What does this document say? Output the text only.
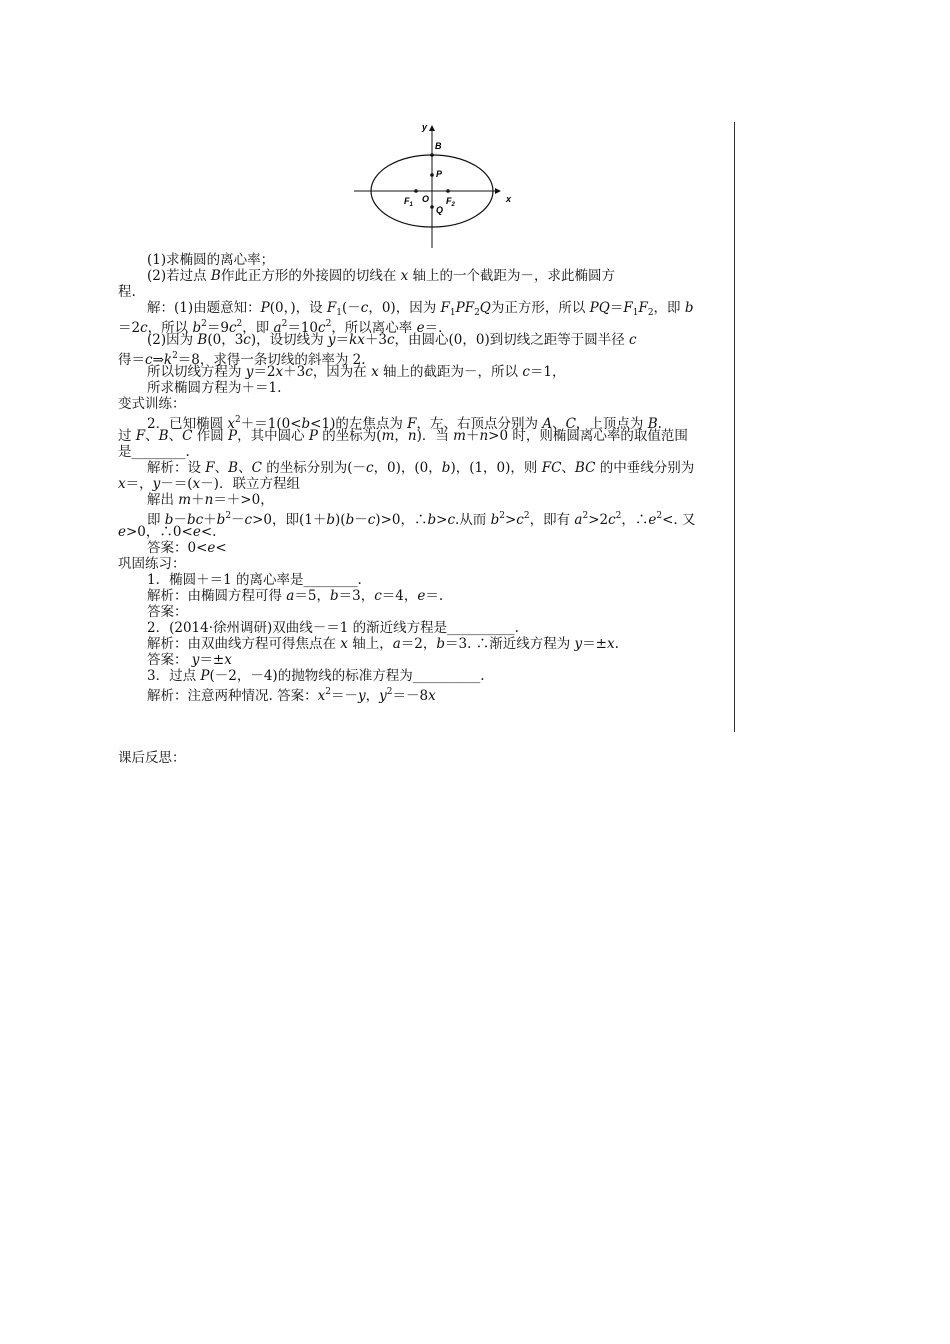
y
x
B
P
O
Q
$F_1$	$F_2$
(1)求椭圆的离心率；
(2)若过点 B作此正方形的外接圆的切线在 x 轴上的一个截距为－，求此椭圆方
程.
解：(1)由题意知：P(0，)，设 $F_1(-c$，0)，因为 $F_1PF_2Q$为正方形，所以 $PQ=F_1F_2$，即 b
＝2c，所以 $b^2=9c^2$，即 $a^2=10c^2$，所以离心率 e＝.
(2)因为 B(0，3c)，设切线为 y＝kx＋3c，由圆心(0，0)到切线之距等于圆半径 c
得$=c\Rightarrow k^2=8$，求得一条切线的斜率为 2.
所以切线方程为 y＝2x＋3c，因为在 x 轴上的截距为－，所以 c＝1，
所求椭圆方程为＋＝1.
变式训练：
2．已知椭圆 $x^2+=1(0<b<1)$的左焦点为 F，左、右顶点分别为 A、C，上顶点为 B.
过 F、B、C 作圆 P，其中圆心 P 的坐标为(m，n)．当 m＋n>0 时，则椭圆离心率的取值范围
是________.
解析：设 F、B、C 的坐标分别为(－c，0)，(0，b)，(1，0)，则 FC、BC 的中垂线分别为
x＝，y－＝(x－)．联立方程组
解出 m＋n＝＋>0，
即 $b-bc+b^2-c>0$，即(1＋b)(b－c)>0，∴b>c.从而 $b^2>c^2$，即有 $a^2>2c^2$，$\therefore e^2<$. 又
e>0，∴0<e<.
答案：0<e<
巩固练习：
1．椭圆＋＝1 的离心率是________.
解析：由椭圆方程可得 a＝5，b＝3，c＝4，e＝.
答案：
2．(2014·徐州调研)双曲线－＝1 的渐近线方程是__________.
解析：由双曲线方程可得焦点在 x 轴上，a＝2，b＝3. ∴渐近线方程为 y＝±x.
答案： y＝±x
3．过点 P(－2，－4)的抛物线的标准方程为__________.
解析：注意两种情况. 答案：$x^2=-y$，$y^2=-8x$
课后反思：
